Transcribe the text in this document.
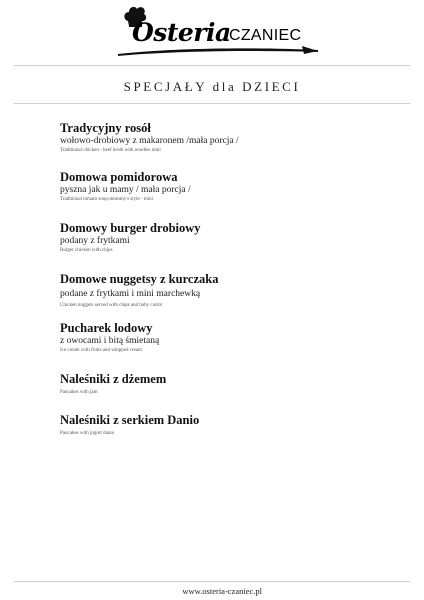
Osteria
CZANIEC
SPECJAŁY dla DZIECI
Tradycyjny rosół
wołowo-drobiowy z makaronem /mała porcja /
Traditional chicken - beef broth with noodles mini
Domowa pomidorowa
pyszna jak u mamy / mała porcja /
Traditional tomato soup-mommy's style - mini
Domowy burger drobiowy
podany z frytkami
Burger chicken with chips
Domowe nuggetsy z kurczaka
podane z frytkami i mini marchewką
Chicken nuggets served with chips and baby carrot
Pucharek lodowy
z owocami i bitą śmietaną
Ice cream with fruits and whipped cream
Naleśniki z dżemem
Pancakes with jam
Naleśniki z serkiem Danio
Pancakes with jogurt danio
www.osteria-czaniec.pl
